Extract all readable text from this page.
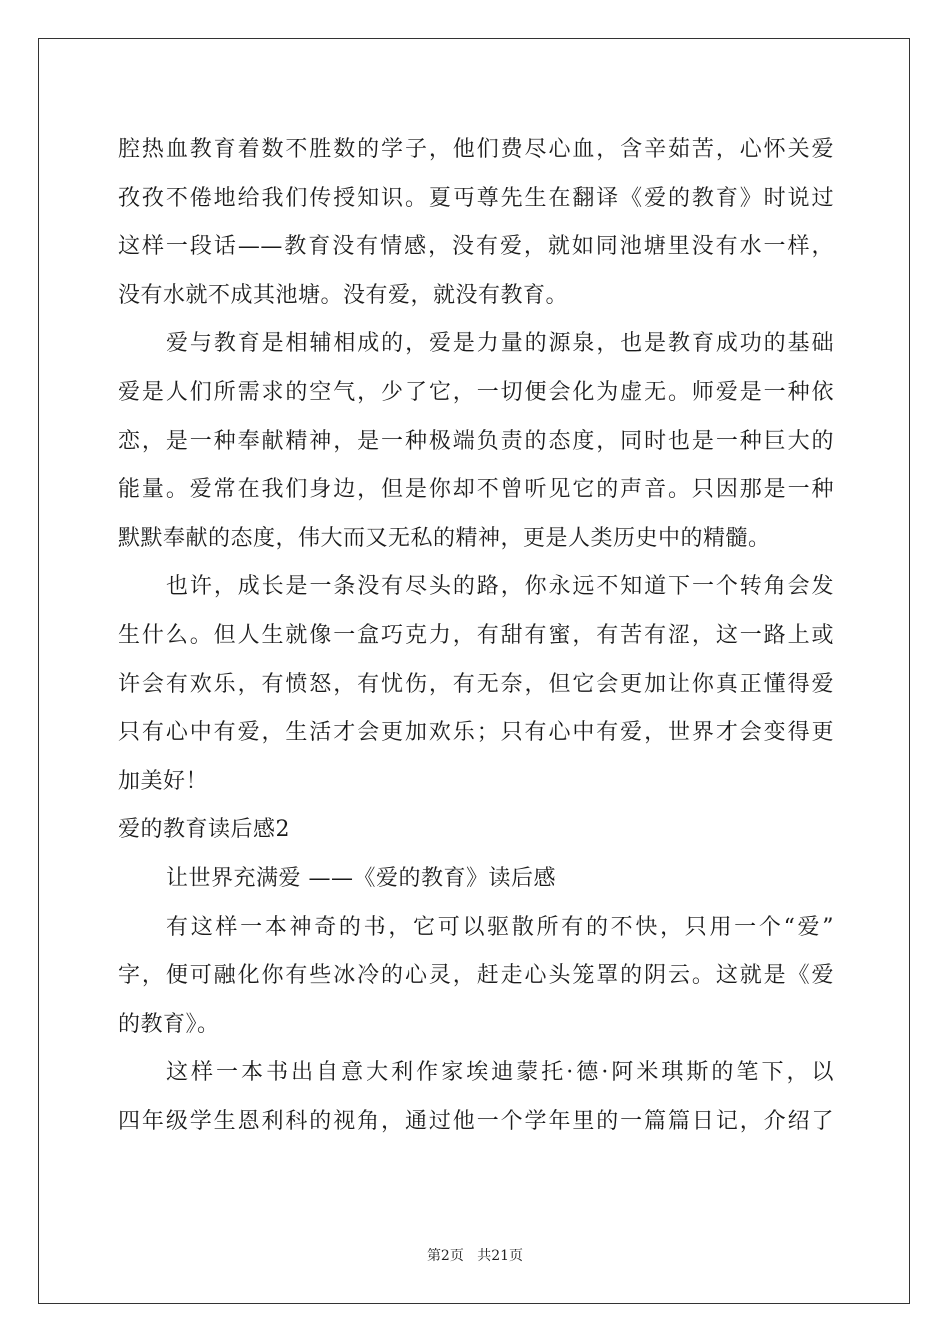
腔热血教育着数不胜数的学子，他们费尽心血，含辛茹苦，心怀关爱
孜孜不倦地给我们传授知识。夏丏尊先生在翻译《爱的教育》时说过
这样一段话——教育没有情感，没有爱，就如同池塘里没有水一样，
没有水就不成其池塘。没有爱，就没有教育。
爱与教育是相辅相成的，爱是力量的源泉，也是教育成功的基础
爱是人们所需求的空气，少了它，一切便会化为虚无。师爱是一种依
恋，是一种奉献精神，是一种极端负责的态度，同时也是一种巨大的
能量。爱常在我们身边，但是你却不曾听见它的声音。只因那是一种
默默奉献的态度，伟大而又无私的精神，更是人类历史中的精髓。
也许，成长是一条没有尽头的路，你永远不知道下一个转角会发
生什么。但人生就像一盒巧克力，有甜有蜜，有苦有涩，这一路上或
许会有欢乐，有愤怒，有忧伤，有无奈，但它会更加让你真正懂得爱
只有心中有爱，生活才会更加欢乐；只有心中有爱，世界才会变得更
加美好！
爱的教育读后感2
让世界充满爱 ——《爱的教育》读后感
有这样一本神奇的书，它可以驱散所有的不快，只用一个“爱”
字，便可融化你有些冰冷的心灵，赶走心头笼罩的阴云。这就是《爱
的教育》。
这样一本书出自意大利作家埃迪蒙托·德·阿米琪斯的笔下，以
四年级学生恩利科的视角，通过他一个学年里的一篇篇日记，介绍了
第2页 共21页
